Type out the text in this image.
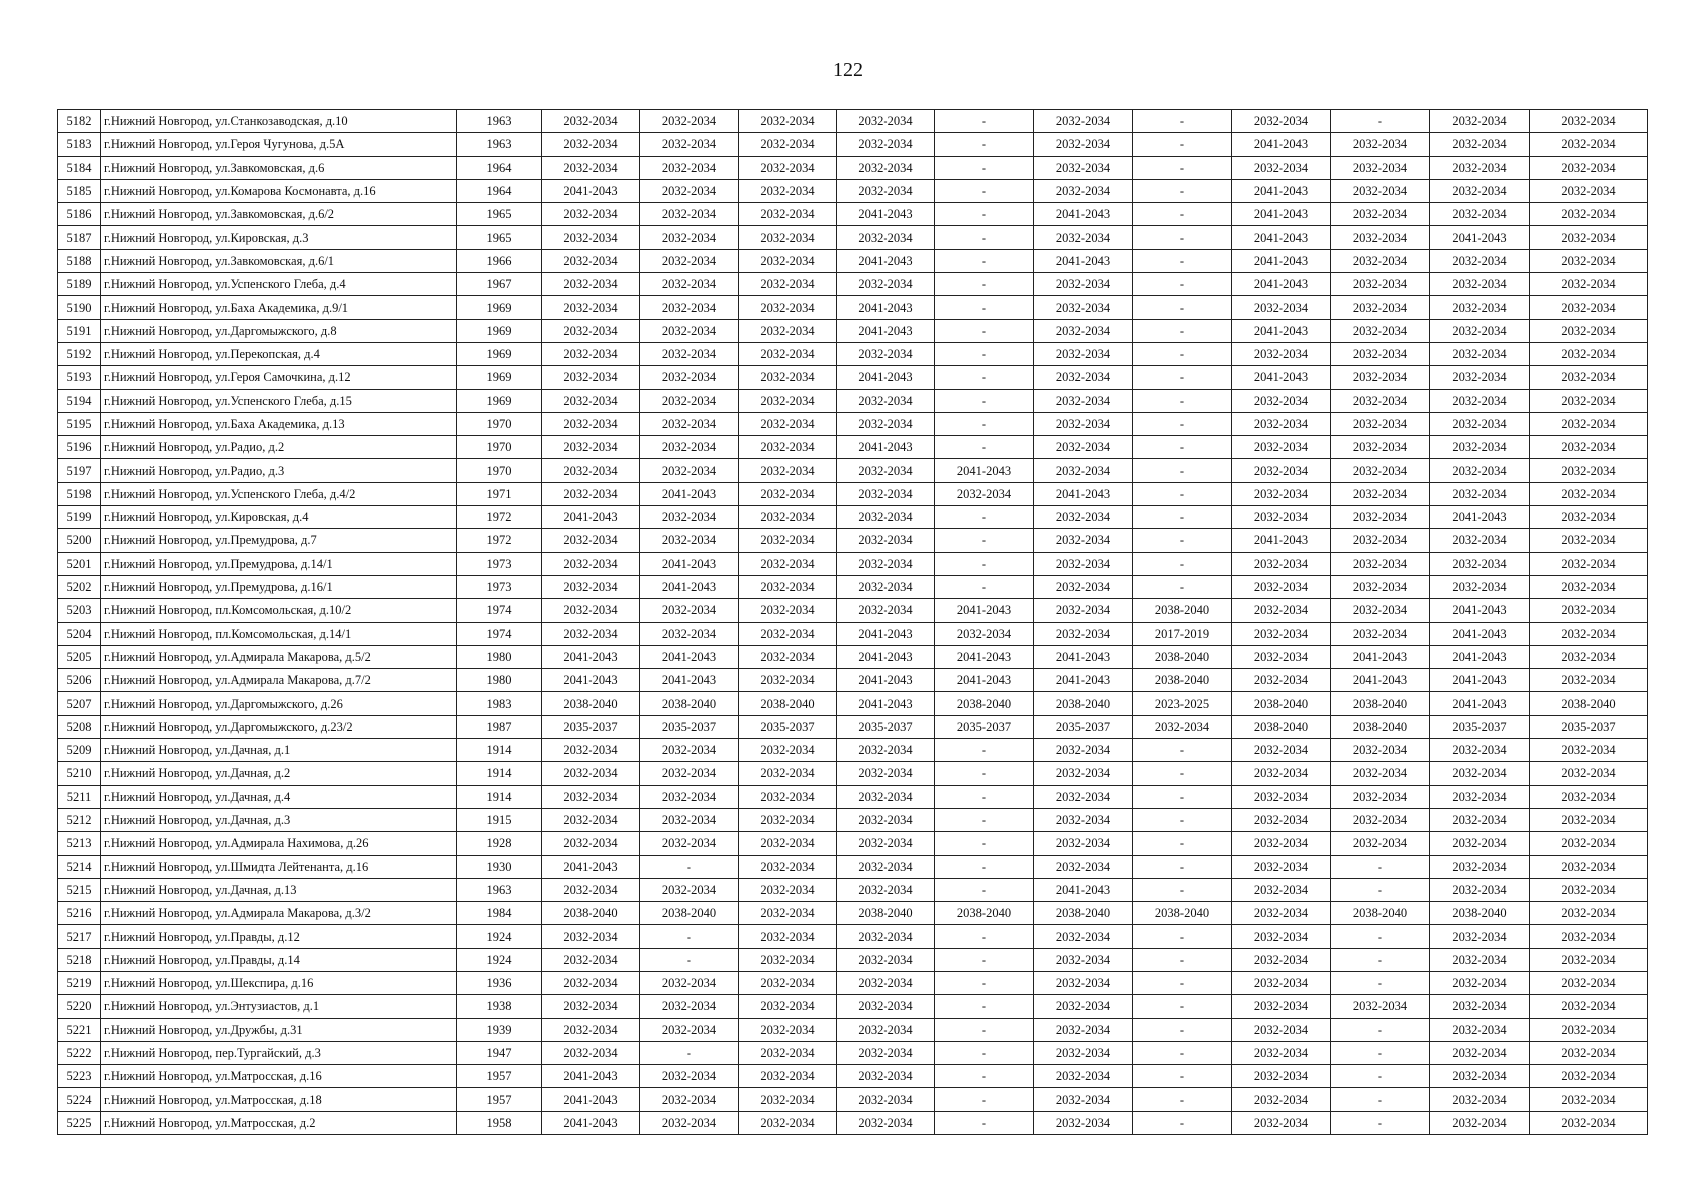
122
5182	г.Нижний Новгород, ул.Станкозаводская, д.10	1963	2032-2034	2032-2034	2032-2034	2032-2034	-	2032-2034	-	2032-2034	-	2032-2034	2032-2034
5183	г.Нижний Новгород, ул.Героя Чугунова, д.5А	1963	2032-2034	2032-2034	2032-2034	2032-2034	-	2032-2034	-	2041-2043	2032-2034	2032-2034	2032-2034
5184	г.Нижний Новгород, ул.Завкомовская, д.6	1964	2032-2034	2032-2034	2032-2034	2032-2034	-	2032-2034	-	2032-2034	2032-2034	2032-2034	2032-2034
5185	г.Нижний Новгород, ул.Комарова Космонавта, д.16	1964	2041-2043	2032-2034	2032-2034	2032-2034	-	2032-2034	-	2041-2043	2032-2034	2032-2034	2032-2034
5186	г.Нижний Новгород, ул.Завкомовская, д.6/2	1965	2032-2034	2032-2034	2032-2034	2041-2043	-	2041-2043	-	2041-2043	2032-2034	2032-2034	2032-2034
5187	г.Нижний Новгород, ул.Кировская, д.3	1965	2032-2034	2032-2034	2032-2034	2032-2034	-	2032-2034	-	2041-2043	2032-2034	2041-2043	2032-2034
5188	г.Нижний Новгород, ул.Завкомовская, д.6/1	1966	2032-2034	2032-2034	2032-2034	2041-2043	-	2041-2043	-	2041-2043	2032-2034	2032-2034	2032-2034
5189	г.Нижний Новгород, ул.Успенского Глеба, д.4	1967	2032-2034	2032-2034	2032-2034	2032-2034	-	2032-2034	-	2041-2043	2032-2034	2032-2034	2032-2034
5190	г.Нижний Новгород, ул.Баха Академика, д.9/1	1969	2032-2034	2032-2034	2032-2034	2041-2043	-	2032-2034	-	2032-2034	2032-2034	2032-2034	2032-2034
5191	г.Нижний Новгород, ул.Даргомыжского, д.8	1969	2032-2034	2032-2034	2032-2034	2041-2043	-	2032-2034	-	2041-2043	2032-2034	2032-2034	2032-2034
5192	г.Нижний Новгород, ул.Перекопская, д.4	1969	2032-2034	2032-2034	2032-2034	2032-2034	-	2032-2034	-	2032-2034	2032-2034	2032-2034	2032-2034
5193	г.Нижний Новгород, ул.Героя Самочкина, д.12	1969	2032-2034	2032-2034	2032-2034	2041-2043	-	2032-2034	-	2041-2043	2032-2034	2032-2034	2032-2034
5194	г.Нижний Новгород, ул.Успенского Глеба, д.15	1969	2032-2034	2032-2034	2032-2034	2032-2034	-	2032-2034	-	2032-2034	2032-2034	2032-2034	2032-2034
5195	г.Нижний Новгород, ул.Баха Академика, д.13	1970	2032-2034	2032-2034	2032-2034	2032-2034	-	2032-2034	-	2032-2034	2032-2034	2032-2034	2032-2034
5196	г.Нижний Новгород, ул.Радио, д.2	1970	2032-2034	2032-2034	2032-2034	2041-2043	-	2032-2034	-	2032-2034	2032-2034	2032-2034	2032-2034
5197	г.Нижний Новгород, ул.Радио, д.3	1970	2032-2034	2032-2034	2032-2034	2032-2034	2041-2043	2032-2034	-	2032-2034	2032-2034	2032-2034	2032-2034
5198	г.Нижний Новгород, ул.Успенского Глеба, д.4/2	1971	2032-2034	2041-2043	2032-2034	2032-2034	2032-2034	2041-2043	-	2032-2034	2032-2034	2032-2034	2032-2034
5199	г.Нижний Новгород, ул.Кировская, д.4	1972	2041-2043	2032-2034	2032-2034	2032-2034	-	2032-2034	-	2032-2034	2032-2034	2041-2043	2032-2034
5200	г.Нижний Новгород, ул.Премудрова, д.7	1972	2032-2034	2032-2034	2032-2034	2032-2034	-	2032-2034	-	2041-2043	2032-2034	2032-2034	2032-2034
5201	г.Нижний Новгород, ул.Премудрова, д.14/1	1973	2032-2034	2041-2043	2032-2034	2032-2034	-	2032-2034	-	2032-2034	2032-2034	2032-2034	2032-2034
5202	г.Нижний Новгород, ул.Премудрова, д.16/1	1973	2032-2034	2041-2043	2032-2034	2032-2034	-	2032-2034	-	2032-2034	2032-2034	2032-2034	2032-2034
5203	г.Нижний Новгород, пл.Комсомольская, д.10/2	1974	2032-2034	2032-2034	2032-2034	2032-2034	2041-2043	2032-2034	2038-2040	2032-2034	2032-2034	2041-2043	2032-2034
5204	г.Нижний Новгород, пл.Комсомольская, д.14/1	1974	2032-2034	2032-2034	2032-2034	2041-2043	2032-2034	2032-2034	2017-2019	2032-2034	2032-2034	2041-2043	2032-2034
5205	г.Нижний Новгород, ул.Адмирала Макарова, д.5/2	1980	2041-2043	2041-2043	2032-2034	2041-2043	2041-2043	2041-2043	2038-2040	2032-2034	2041-2043	2041-2043	2032-2034
5206	г.Нижний Новгород, ул.Адмирала Макарова, д.7/2	1980	2041-2043	2041-2043	2032-2034	2041-2043	2041-2043	2041-2043	2038-2040	2032-2034	2041-2043	2041-2043	2032-2034
5207	г.Нижний Новгород, ул.Даргомыжского, д.26	1983	2038-2040	2038-2040	2038-2040	2041-2043	2038-2040	2038-2040	2023-2025	2038-2040	2038-2040	2041-2043	2038-2040
5208	г.Нижний Новгород, ул.Даргомыжского, д.23/2	1987	2035-2037	2035-2037	2035-2037	2035-2037	2035-2037	2035-2037	2032-2034	2038-2040	2038-2040	2035-2037	2035-2037
5209	г.Нижний Новгород, ул.Дачная, д.1	1914	2032-2034	2032-2034	2032-2034	2032-2034	-	2032-2034	-	2032-2034	2032-2034	2032-2034	2032-2034
5210	г.Нижний Новгород, ул.Дачная, д.2	1914	2032-2034	2032-2034	2032-2034	2032-2034	-	2032-2034	-	2032-2034	2032-2034	2032-2034	2032-2034
5211	г.Нижний Новгород, ул.Дачная, д.4	1914	2032-2034	2032-2034	2032-2034	2032-2034	-	2032-2034	-	2032-2034	2032-2034	2032-2034	2032-2034
5212	г.Нижний Новгород, ул.Дачная, д.3	1915	2032-2034	2032-2034	2032-2034	2032-2034	-	2032-2034	-	2032-2034	2032-2034	2032-2034	2032-2034
5213	г.Нижний Новгород, ул.Адмирала Нахимова, д.26	1928	2032-2034	2032-2034	2032-2034	2032-2034	-	2032-2034	-	2032-2034	2032-2034	2032-2034	2032-2034
5214	г.Нижний Новгород, ул.Шмидта Лейтенанта, д.16	1930	2041-2043	-	2032-2034	2032-2034	-	2032-2034	-	2032-2034	-	2032-2034	2032-2034
5215	г.Нижний Новгород, ул.Дачная, д.13	1963	2032-2034	2032-2034	2032-2034	2032-2034	-	2041-2043	-	2032-2034	-	2032-2034	2032-2034
5216	г.Нижний Новгород, ул.Адмирала Макарова, д.3/2	1984	2038-2040	2038-2040	2032-2034	2038-2040	2038-2040	2038-2040	2038-2040	2032-2034	2038-2040	2038-2040	2032-2034
5217	г.Нижний Новгород, ул.Правды, д.12	1924	2032-2034	-	2032-2034	2032-2034	-	2032-2034	-	2032-2034	-	2032-2034	2032-2034
5218	г.Нижний Новгород, ул.Правды, д.14	1924	2032-2034	-	2032-2034	2032-2034	-	2032-2034	-	2032-2034	-	2032-2034	2032-2034
5219	г.Нижний Новгород, ул.Шекспира, д.16	1936	2032-2034	2032-2034	2032-2034	2032-2034	-	2032-2034	-	2032-2034	-	2032-2034	2032-2034
5220	г.Нижний Новгород, ул.Энтузиастов, д.1	1938	2032-2034	2032-2034	2032-2034	2032-2034	-	2032-2034	-	2032-2034	2032-2034	2032-2034	2032-2034
5221	г.Нижний Новгород, ул.Дружбы, д.31	1939	2032-2034	2032-2034	2032-2034	2032-2034	-	2032-2034	-	2032-2034	-	2032-2034	2032-2034
5222	г.Нижний Новгород, пер.Тургайский, д.3	1947	2032-2034	-	2032-2034	2032-2034	-	2032-2034	-	2032-2034	-	2032-2034	2032-2034
5223	г.Нижний Новгород, ул.Матросская, д.16	1957	2041-2043	2032-2034	2032-2034	2032-2034	-	2032-2034	-	2032-2034	-	2032-2034	2032-2034
5224	г.Нижний Новгород, ул.Матросская, д.18	1957	2041-2043	2032-2034	2032-2034	2032-2034	-	2032-2034	-	2032-2034	-	2032-2034	2032-2034
5225	г.Нижний Новгород, ул.Матросская, д.2	1958	2041-2043	2032-2034	2032-2034	2032-2034	-	2032-2034	-	2032-2034	-	2032-2034	2032-2034
